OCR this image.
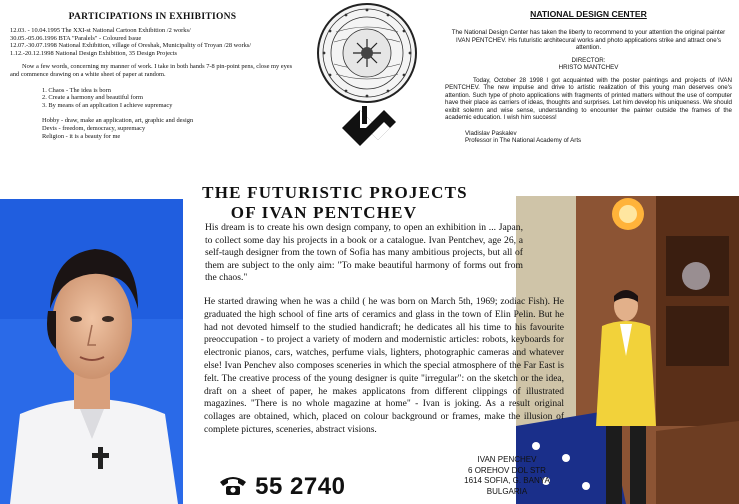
PARTICIPATIONS IN EXHIBITIONS
12.03. - 10.04.1995 The XXI-st National Cartoon Exhibition /2 works/
30.05.-05.06.1996 BTA "Paralels" - Coloured Issue
12.07.-30.07.1998 National Exhibition, village of Oreshak, Municipality of Troyan /28 works/
1.12.-20.12.1998 National Design Exhibition, 35 Design Projects
Now a few words, concerning my manner of work. I take in both hands 7-8 pin-point pens, close my eyes and commence drawing on a white sheet of paper at random.
1. Chaos - The idea is born
2. Create a harmony and beautiful form
3. By means of an application I achieve supremacy
Hobby - draw, make an application, art, graphic and design
Devis - freedom, democracy, supremacy
Religion - it is a beauty for me
NATIONAL DESIGN CENTER
The National Design Center has taken the liberty to recommend to your attention the original painter IVAN PENTCHEV. His futuristic architecural works and photo applications strike and attract one's attention.
DIRECTOR:
HRISTO MANTCHEV
Today, October 28 1998 I got acquainted with the poster paintings and projects of IVAN PENTCHEV. The new impulse and drive to artistic realization of this young man deserves one's attention. Such type of photo applications with fragments of printed matters without the use of computer have their place as carriers of ideas, thoughts and surprises. Let him develop his uniqueness. We should exibit solemn and wise sense, understanding to encounter the painter outside the frames of the academic education. I wish him success!
Vladislav Paskalev
Professor in The National Academy of Arts
THE FUTURISTIC PROJECTS

OF IVAN PENTCHEV
His dream is to create his own design company, to open an exhibition in ... Japan, to collect some day his projects in a book or a catalogue. Ivan Pentchev, age 26, a self-taugh designer from the town of Sofia has many ambitious projects, but all of them are subject to the only aim: "To make beautiful harmony of forms out from the chaos."
He started drawing when he was a child ( he was born on March 5th, 1969; zodiac Fish). He graduated the high school of fine arts of ceramics and glass in the town of Elin Pelin. But he had not devoted himself to the studied handicraft; he dedicates all his time to his favourite preoccupation - to project a variety of modern and modernistic articles: robots, keyboards for electronic pianos, cars, watches, perfume vials, lighters, photographic cameras and whatever else! Ivan Penchev also composes sceneries in which the special atmosphere of the Far East is felt. The creative process of the young designer is quite "irregular": on the sketch or the idea, draft on a sheet of paper, he makes applicatons from different clippings of illustrated magazines. "There is no whole magazine at home" - Ivan is joking. As a result original collages are obtained, which, placed on colour background or frames, make the illusion of complete pictures, sceneries, abstract visions.
55 2740
IVAN PENCHEV
6 OREHOV DOL STR
1614 SOFIA, G. BANYA
BULGARIA
